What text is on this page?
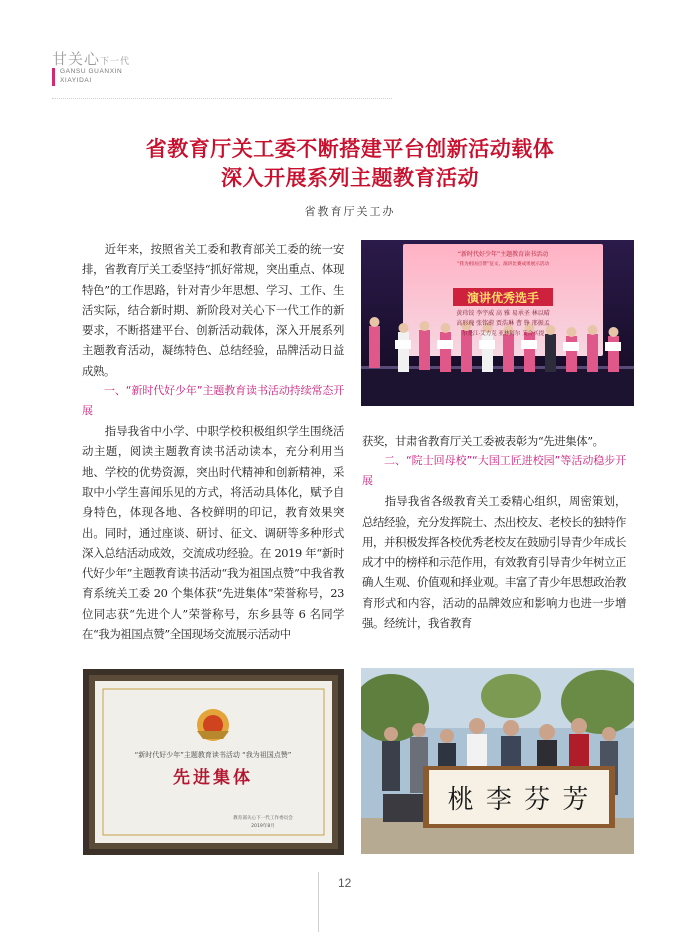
甘关心下一代
GANSU GUANXIN
XIAYIDAI
省教育厅关工委不断搭建平台创新活动载体
深入开展系列主题教育活动
省教育厅关工办

近年来，按照省关工委和教育部关工委的统一安排，省教育厅关工委坚持“抓好常规，突出重点、体现特色”的工作思路，针对青少年思想、学习、工作、生活实际，结合新时期、新阶段对关心下一代工作的新要求，不断搭建平台、创新活动载体，深入开展系列主题教育活动，凝练特色、总结经验，品牌活动日益成熟。

一、“新时代好少年”主题教育读书活动持续常态开展

指导我省中小学、中职学校积极组织学生围绕活动主题，阅读主题教育读书活动读本，充分利用当地、学校的优势资源，突出时代精神和创新精神，采取中小学生喜闻乐见的方式，将活动具体化，赋予自身特色，体现各地、各校鲜明的印记，教育效果突出。同时，通过座谈、研讨、征文、调研等多种形式深入总结活动成效，交流成功经验。在 2019 年“新时代好少年”主题教育读书活动“我为祖国点赞”中我省教育系统关工委 20 个集体获“先进集体”荣誉称号，23 位同志获“先进个人”荣誉称号，东乡县等 6 名同学在“我为祖国点赞”全国现场交流展示活动中

“新时代好少年”主题教育读书活动
“我为祖国点赞”征文、演讲比赛成果展示活动
演讲优秀选手
黄玮铰 李宇威 高 雅 易承圣 林以晴
高形瑰 张铭蔚 贾浩琳 曹 铮 邢振孟
尔尧江·艾力克 亚林阿尔 艾合买提

获奖，甘肃省教育厅关工委被表彰为“先进集体”。

二、“院士回母校”“大国工匠进校园”等活动稳步开展

指导我省各级教育关工委精心组织，周密策划，总结经验，充分发挥院士、杰出校友、老校长的独特作用，并积极发挥各校优秀老校友在鼓励引导青少年成长成才中的榜样和示范作用，有效教育引导青少年树立正确人生观、价值观和择业观。丰富了青少年思想政治教育形式和内容，活动的品牌效应和影响力也进一步增强。经统计，我省教育

“新时代好少年”主题教育读书活动 “我为祖国点赞”
先进集体
教育部关心下一代工作委员会
2019年8月
桃 李 芬 芳
12
